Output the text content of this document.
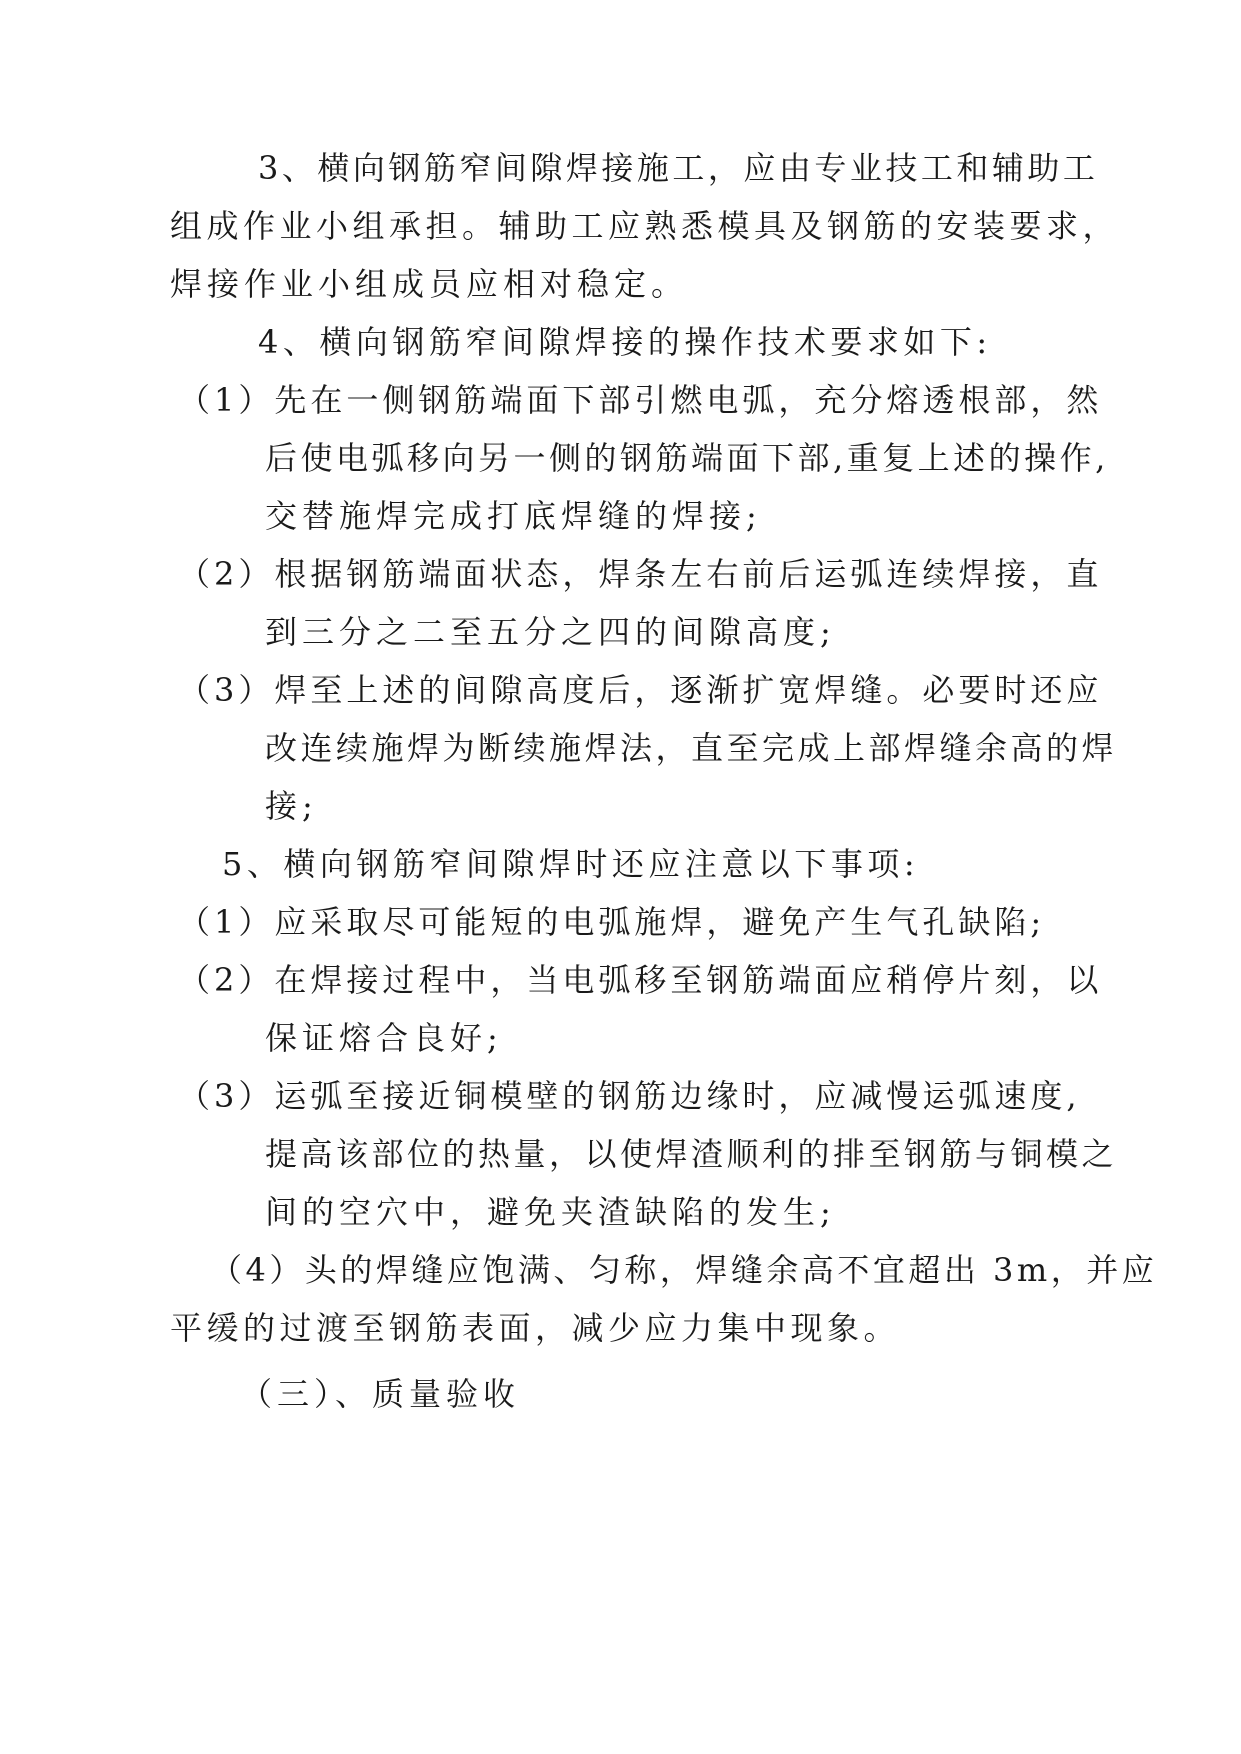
3、横向钢筋窄间隙焊接施工，应由专业技工和辅助工
组成作业小组承担。辅助工应熟悉模具及钢筋的安装要求，
焊接作业小组成员应相对稳定。
4、横向钢筋窄间隙焊接的操作技术要求如下:
（1）先在一侧钢筋端面下部引燃电弧，充分熔透根部，然
后使电弧移向另一侧的钢筋端面下部,重复上述的操作,
交替施焊完成打底焊缝的焊接;
（2）根据钢筋端面状态，焊条左右前后运弧连续焊接，直
到三分之二至五分之四的间隙高度;
（3）焊至上述的间隙高度后，逐渐扩宽焊缝。必要时还应
改连续施焊为断续施焊法，直至完成上部焊缝余高的焊
接;
5、横向钢筋窄间隙焊时还应注意以下事项:
（1）应采取尽可能短的电弧施焊，避免产生气孔缺陷;
（2）在焊接过程中，当电弧移至钢筋端面应稍停片刻，以
保证熔合良好;
（3）运弧至接近铜模壁的钢筋边缘时，应减慢运弧速度,
提高该部位的热量，以使焊渣顺利的排至钢筋与铜模之
间的空穴中，避免夹渣缺陷的发生;
（4）头的焊缝应饱满、匀称，焊缝余高不宜超出 3m，并应
平缓的过渡至钢筋表面，减少应力集中现象。
（三）、质量验收
